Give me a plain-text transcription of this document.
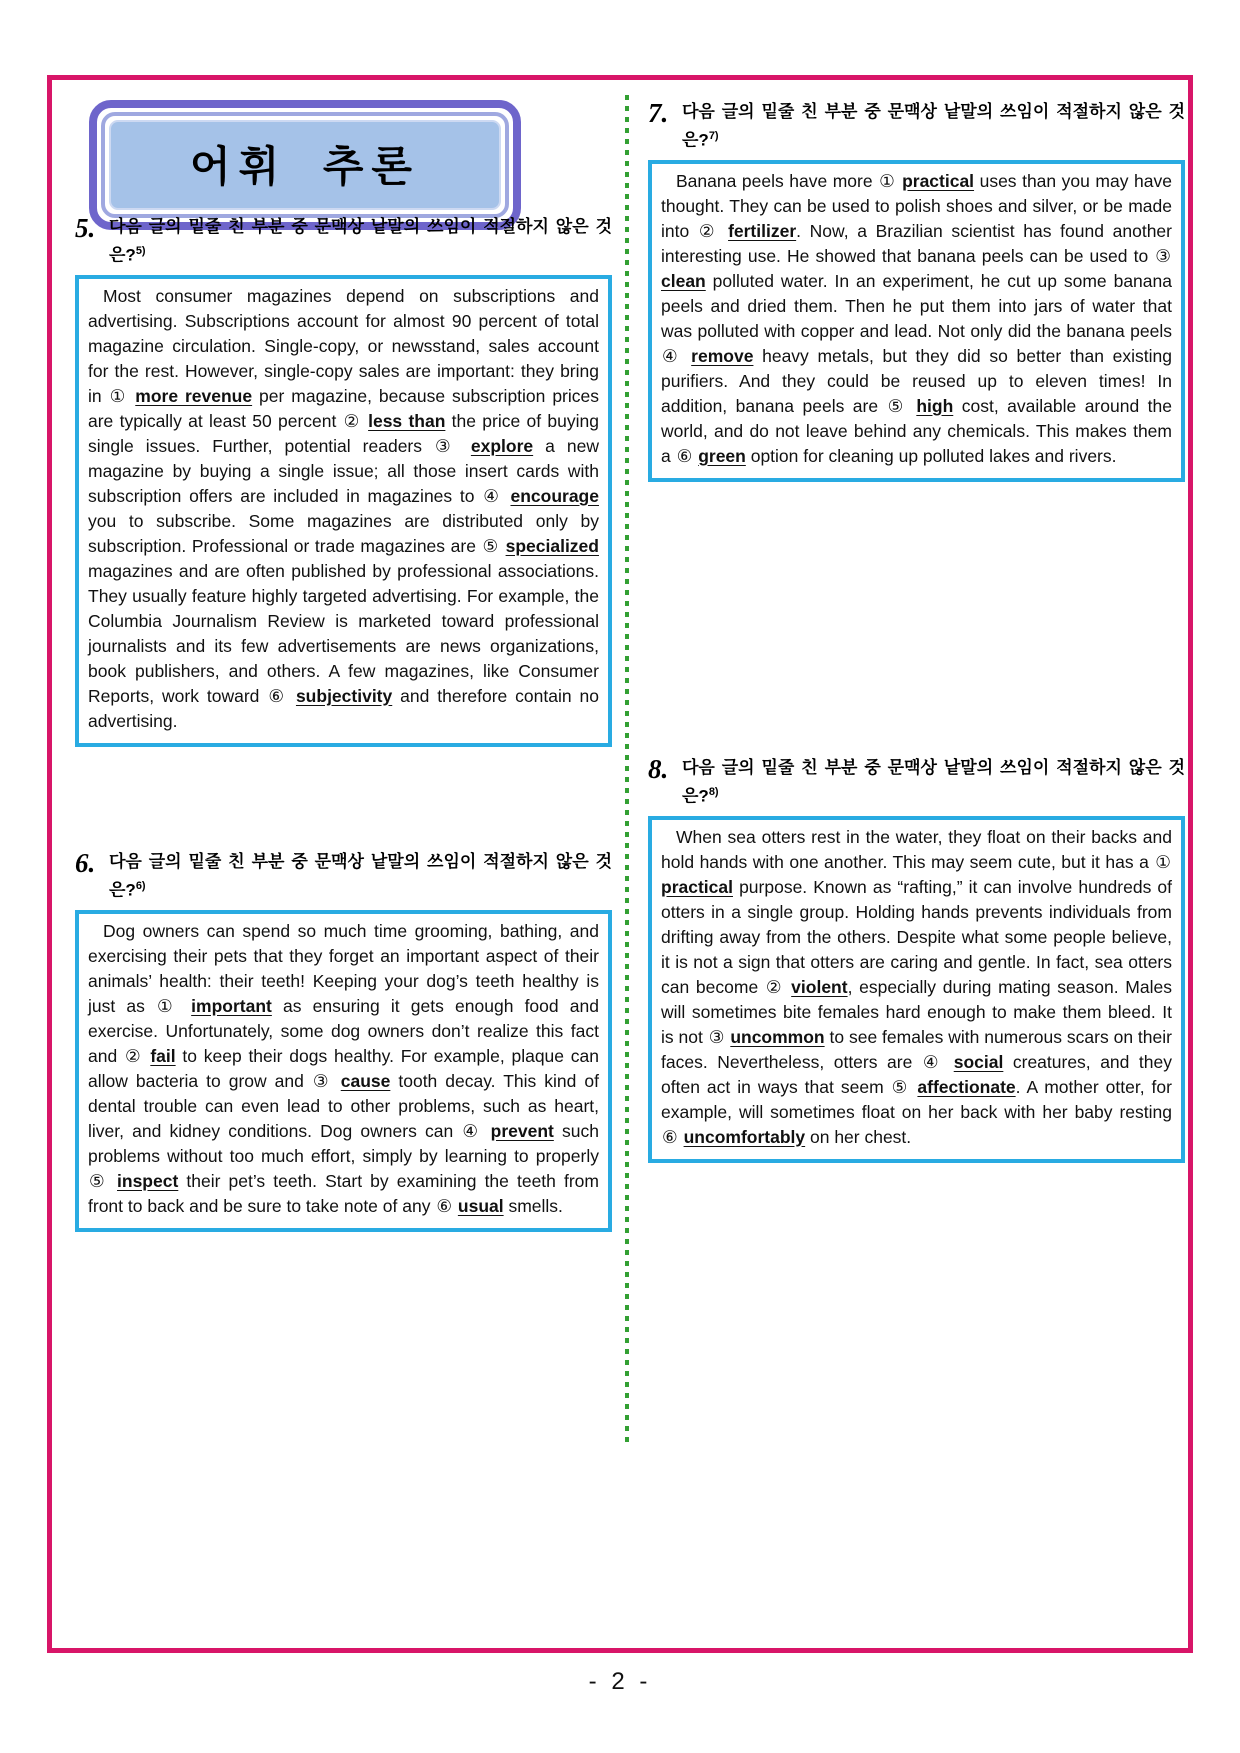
어휘 추론
5. 다음 글의 밑줄 친 부분 중 문맥상 낱말의 쓰임이 적절하지 않은 것은?$^{5)}$

Most consumer magazines depend on subscriptions and advertising. Subscriptions account for almost 90 percent of total magazine circulation. Single-copy, or newsstand, sales account for the rest. However, single-copy sales are important: they bring in ① more revenue per magazine, because subscription prices are typically at least 50 percent ② less than the price of buying single issues. Further, potential readers ③ explore a new magazine by buying a single issue; all those insert cards with subscription offers are included in magazines to ④ encourage you to subscribe. Some magazines are distributed only by subscription. Professional or trade magazines are ⑤ specialized magazines and are often published by professional associations. They usually feature highly targeted advertising. For example, the Columbia Journalism Review is marketed toward professional journalists and its few advertisements are news organizations, book publishers, and others. A few magazines, like Consumer Reports, work toward ⑥ subjectivity and therefore contain no advertising.

6. 다음 글의 밑줄 친 부분 중 문맥상 낱말의 쓰임이 적절하지 않은 것은?$^{6)}$

Dog owners can spend so much time grooming, bathing, and exercising their pets that they forget an important aspect of their animals’ health: their teeth! Keeping your dog’s teeth healthy is just as ① important as ensuring it gets enough food and exercise. Unfortunately, some dog owners don’t realize this fact and ② fail to keep their dogs healthy. For example, plaque can allow bacteria to grow and ③ cause tooth decay. This kind of dental trouble can even lead to other problems, such as heart, liver, and kidney conditions. Dog owners can ④ prevent such problems without too much effort, simply by learning to properly ⑤ inspect their pet’s teeth. Start by examining the teeth from front to back and be sure to take note of any ⑥ usual smells.

7. 다음 글의 밑줄 친 부분 중 문맥상 낱말의 쓰임이 적절하지 않은 것은?$^{7)}$

Banana peels have more ① practical uses than you may have thought. They can be used to polish shoes and silver, or be made into ② fertilizer. Now, a Brazilian scientist has found another interesting use. He showed that banana peels can be used to ③ clean polluted water. In an experiment, he cut up some banana peels and dried them. Then he put them into jars of water that was polluted with copper and lead. Not only did the banana peels ④ remove heavy metals, but they did so better than existing purifiers. And they could be reused up to eleven times! In addition, banana peels are ⑤ high cost, available around the world, and do not leave behind any chemicals. This makes them a ⑥ green option for cleaning up polluted lakes and rivers.

8. 다음 글의 밑줄 친 부분 중 문맥상 낱말의 쓰임이 적절하지 않은 것은?$^{8)}$

When sea otters rest in the water, they float on their backs and hold hands with one another. This may seem cute, but it has a ① practical purpose. Known as “rafting,” it can involve hundreds of otters in a single group. Holding hands prevents individuals from drifting away from the others. Despite what some people believe, it is not a sign that otters are caring and gentle. In fact, sea otters can become ② violent, especially during mating season. Males will sometimes bite females hard enough to make them bleed. It is not ③ uncommon to see females with numerous scars on their faces. Nevertheless, otters are ④ social creatures, and they often act in ways that seem ⑤ affectionate. A mother otter, for example, will sometimes float on her back with her baby resting ⑥ uncomfortably on her chest.

- 2 -
